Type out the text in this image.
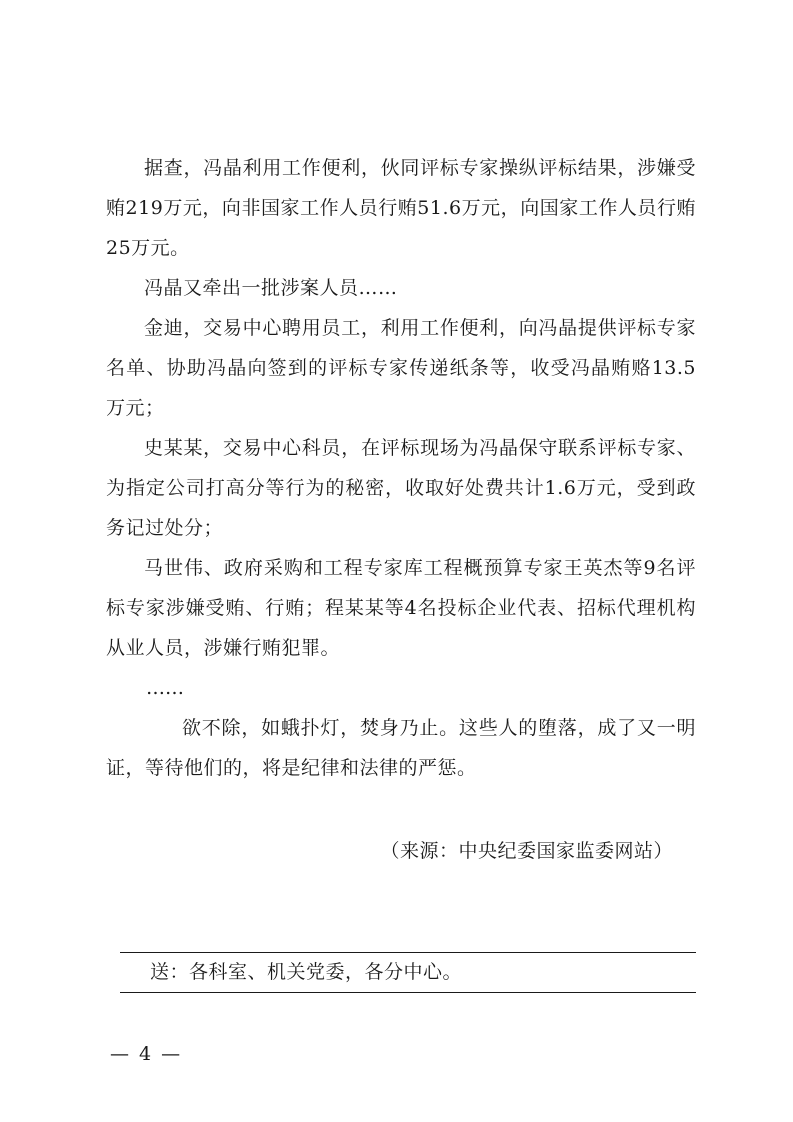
据查，冯晶利用工作便利，伙同评标专家操纵评标结果，涉嫌受贿219万元，向非国家工作人员行贿51.6万元，向国家工作人员行贿25万元。

冯晶又牵出一批涉案人员……

金迪，交易中心聘用员工，利用工作便利，向冯晶提供评标专家名单、协助冯晶向签到的评标专家传递纸条等，收受冯晶贿赂13.5万元；

史某某，交易中心科员，在评标现场为冯晶保守联系评标专家、为指定公司打高分等行为的秘密，收取好处费共计1.6万元，受到政务记过处分；

马世伟、政府采购和工程专家库工程概预算专家王英杰等9名评标专家涉嫌受贿、行贿；程某某等4名投标企业代表、招标代理机构从业人员，涉嫌行贿犯罪。

……

欲不除，如蛾扑灯，焚身乃止。这些人的堕落，成了又一明证，等待他们的，将是纪律和法律的严惩。

（来源：中央纪委国家监委网站）
送：各科室、机关党委，各分中心。
— 4 —
